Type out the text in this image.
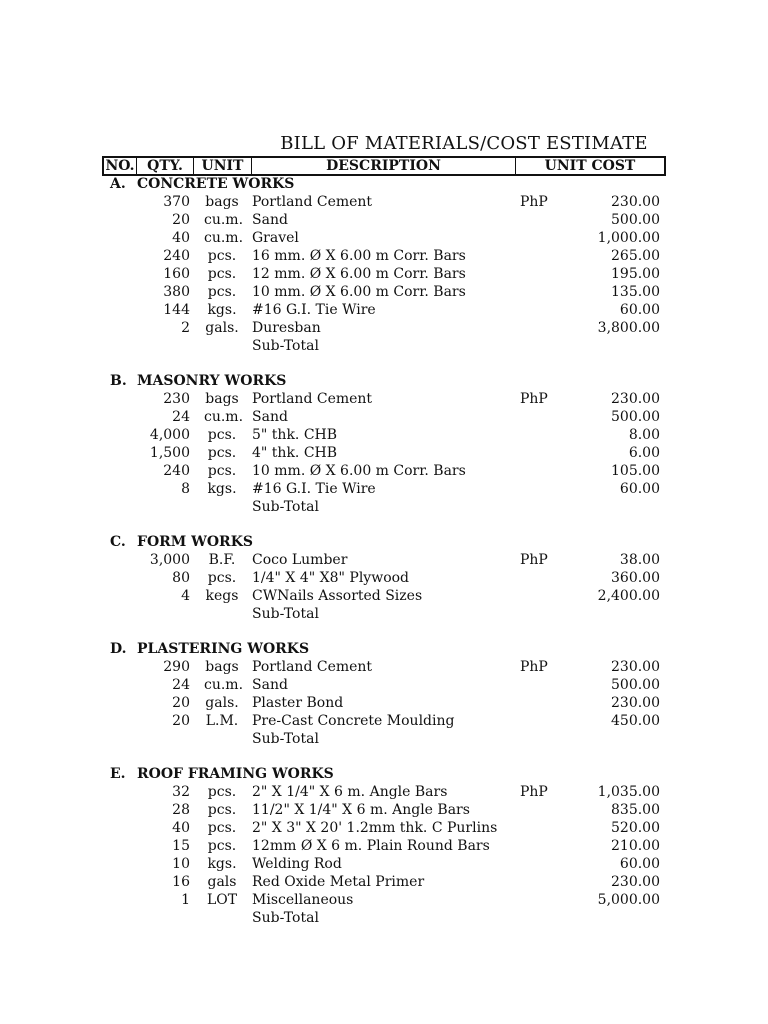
BILL OF MATERIALS/COST ESTIMATE
NO. QTY.	UNIT	DESCRIPTION	UNIT COST
A. CONCRETE WORKS
370 bags Portland Cement	PhP	230.00
20 cu.m. Sand	500.00
40 cu.m. Gravel	1,000.00
240 pcs. 16 mm. Ø X 6.00 m Corr. Bars	265.00
160 pcs. 12 mm. Ø X 6.00 m Corr. Bars	195.00
380 pcs. 10 mm. Ø X 6.00 m Corr. Bars	135.00
144 kgs. #16 G.I. Tie Wire	60.00
2 gals. Duresban	3,800.00
Sub-Total
B. MASONRY WORKS
230 bags Portland Cement	PhP	230.00
24 cu.m. Sand	500.00
4,000 pcs. 5" thk. CHB	8.00
1,500 pcs. 4" thk. CHB	6.00
240 pcs. 10 mm. Ø X 6.00 m Corr. Bars	105.00
8 kgs. #16 G.I. Tie Wire	60.00
Sub-Total
C. FORM WORKS
3,000	B.F.	Coco Lumber	PhP	38.00
80 pcs. 1/4" X 4" X8" Plywood	360.00
4 kegs CWNails Assorted Sizes	2,400.00
Sub-Total
D. PLASTERING WORKS
290 bags Portland Cement	PhP	230.00
24 cu.m. Sand	500.00
20 gals. Plaster Bond	230.00
20 L.M. Pre-Cast Concrete Moulding	450.00
Sub-Total
E. ROOF FRAMING WORKS
32 pcs. 2" X 1/4" X 6 m. Angle Bars	PhP	1,035.00
28 pcs. 11/2" X 1/4" X 6 m. Angle Bars	835.00
40 pcs. 2" X 3" X 20' 1.2mm thk. C Purlins	520.00
15 pcs. 12mm Ø X 6 m. Plain Round Bars	210.00
10 kgs. Welding Rod	60.00
16 gals Red Oxide Metal Primer	230.00
1 LOT Miscellaneous	5,000.00
Sub-Total
